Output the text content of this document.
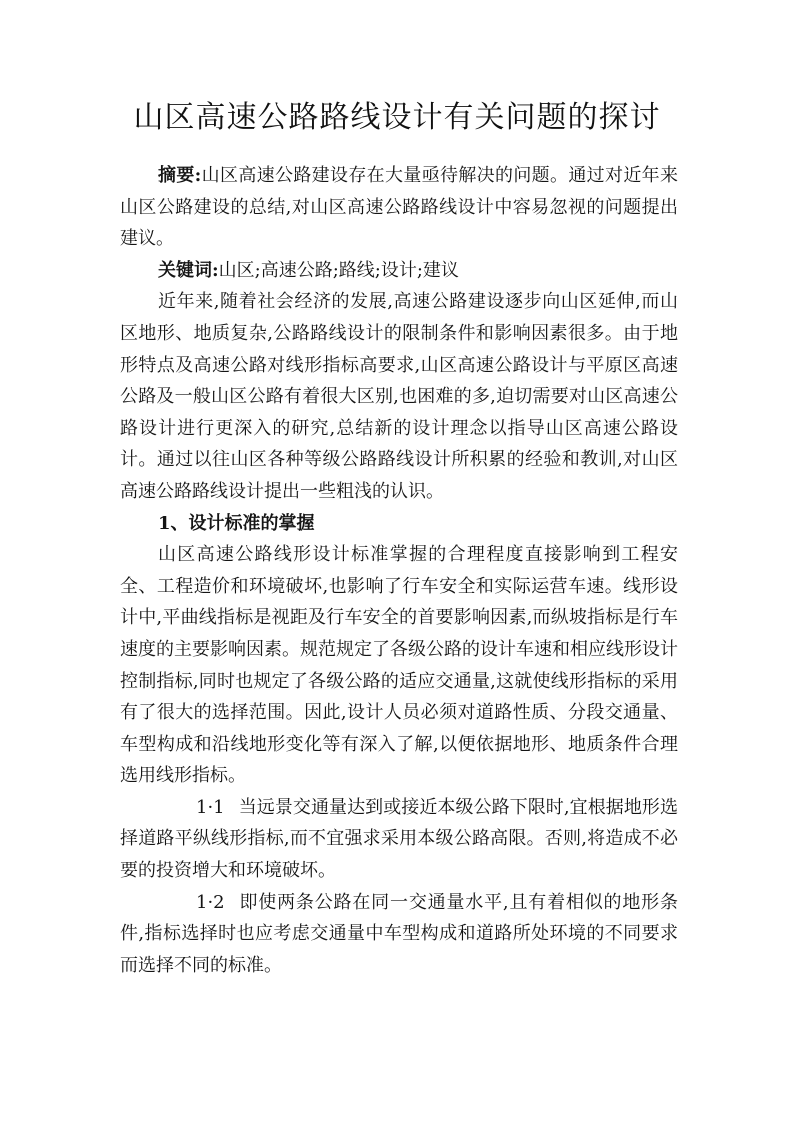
山区高速公路路线设计有关问题的探讨

摘要:山区高速公路建设存在大量亟待解决的问题。通过对近年来山区公路建设的总结,对山区高速公路路线设计中容易忽视的问题提出建议。

关键词:山区;高速公路;路线;设计;建议

近年来,随着社会经济的发展,高速公路建设逐步向山区延伸,而山区地形、地质复杂,公路路线设计的限制条件和影响因素很多。由于地形特点及高速公路对线形指标高要求,山区高速公路设计与平原区高速公路及一般山区公路有着很大区别,也困难的多,迫切需要对山区高速公路设计进行更深入的研究,总结新的设计理念以指导山区高速公路设计。通过以往山区各种等级公路路线设计所积累的经验和教训,对山区高速公路路线设计提出一些粗浅的认识。

1、设计标准的掌握

山区高速公路线形设计标准掌握的合理程度直接影响到工程安全、工程造价和环境破坏,也影响了行车安全和实际运营车速。线形设计中,平曲线指标是视距及行车安全的首要影响因素,而纵坡指标是行车速度的主要影响因素。规范规定了各级公路的设计车速和相应线形设计控制指标,同时也规定了各级公路的适应交通量,这就使线形指标的采用有了很大的选择范围。因此,设计人员必须对道路性质、分段交通量、车型构成和沿线地形变化等有深入了解,以便依据地形、地质条件合理选用线形指标。

1·1 当远景交通量达到或接近本级公路下限时,宜根据地形选择道路平纵线形指标,而不宜强求采用本级公路高限。否则,将造成不必要的投资增大和环境破坏。

1·2 即使两条公路在同一交通量水平,且有着相似的地形条件,指标选择时也应考虑交通量中车型构成和道路所处环境的不同要求而选择不同的标准。
